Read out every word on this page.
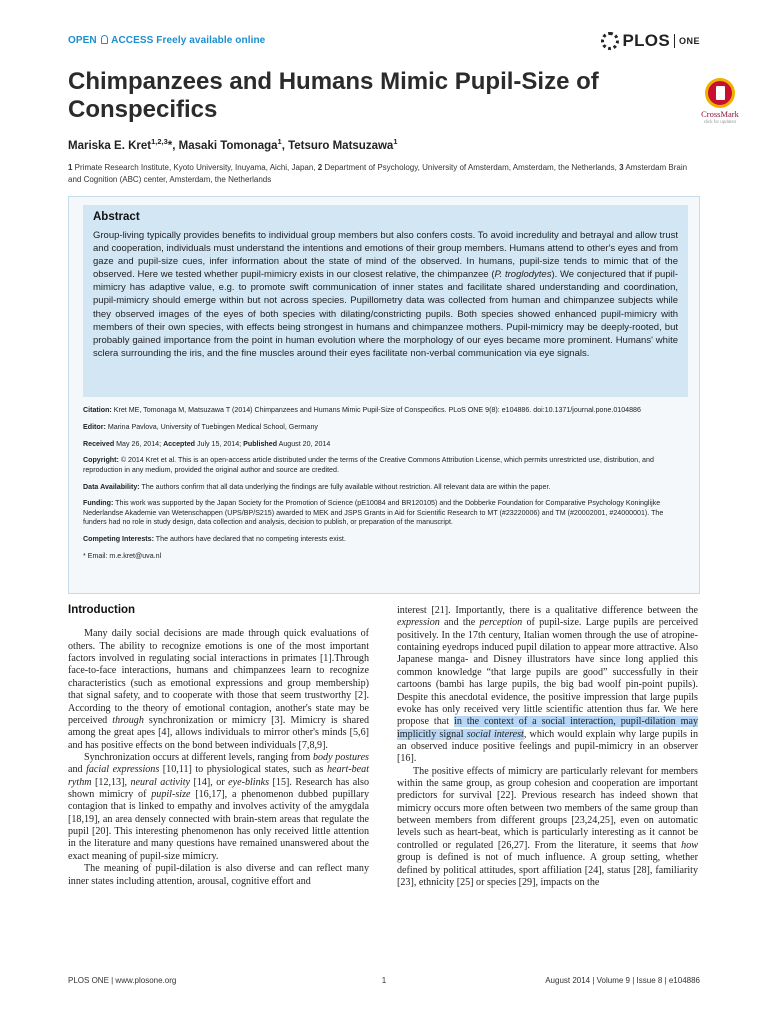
OPEN ACCESS Freely available online	PLOS ONE
CrossMark
click for updates
Chimpanzees and Humans Mimic Pupil-Size of Conspecifics
Mariska E. Kret$^{1,2,3}$*, Masaki Tomonaga$^1$, Tetsuro Matsuzawa$^1$
1 Primate Research Institute, Kyoto University, Inuyama, Aichi, Japan, 2 Department of Psychology, University of Amsterdam, Amsterdam, the Netherlands, 3 Amsterdam Brain and Cognition (ABC) center, Amsterdam, the Netherlands
Abstract

Group-living typically provides benefits to individual group members but also confers costs. To avoid incredulity and betrayal and allow trust and cooperation, individuals must understand the intentions and emotions of their group members. Humans attend to other's eyes and from gaze and pupil-size cues, infer information about the state of mind of the observed. In humans, pupil-size tends to mimic that of the observed. Here we tested whether pupil-mimicry exists in our closest relative, the chimpanzee (P. troglodytes). We conjectured that if pupil-mimicry has adaptive value, e.g. to promote swift communication of inner states and facilitate shared understanding and coordination, pupil-mimicry should emerge within but not across species. Pupillometry data was collected from human and chimpanzee subjects while they observed images of the eyes of both species with dilating/constricting pupils. Both species showed enhanced pupil-mimicry with members of their own species, with effects being strongest in humans and chimpanzee mothers. Pupil-mimicry may be deeply-rooted, but probably gained importance from the point in human evolution where the morphology of our eyes became more prominent. Humans' white sclera surrounding the iris, and the fine muscles around their eyes facilitate non-verbal communication via eye signals.

Citation: Kret ME, Tomonaga M, Matsuzawa T (2014) Chimpanzees and Humans Mimic Pupil-Size of Conspecifics. PLoS ONE 9(8): e104886. doi:10.1371/journal.pone.0104886

Editor: Marina Pavlova, University of Tuebingen Medical School, Germany

Received May 26, 2014; Accepted July 15, 2014; Published August 20, 2014

Copyright: © 2014 Kret et al. This is an open-access article distributed under the terms of the Creative Commons Attribution License, which permits unrestricted use, distribution, and reproduction in any medium, provided the original author and source are credited.

Data Availability: The authors confirm that all data underlying the findings are fully available without restriction. All relevant data are within the paper.

Funding: This work was supported by the Japan Society for the Promotion of Science (pE10084 and BR120105) and the Dobberke Foundation for Comparative Psychology Koninglijke Nederlandse Akademie van Wetenschappen (UPS/BP/S215) awarded to MEK and JSPS Grants in Aid for Scientific Research to MT (#23220006) and TM (#20002001, #24000001). The funders had no role in study design, data collection and analysis, decision to publish, or preparation of the manuscript.

Competing Interests: The authors have declared that no competing interests exist.

* Email: m.e.kret@uva.nl

Introduction

Many daily social decisions are made through quick evaluations of others. The ability to recognize emotions is one of the most important factors involved in regulating social interactions in primates [1].Through face-to-face interactions, humans and chimpanzees learn to recognize characteristics (such as emotional expressions and group membership) that signal safety, and to cooperate with those that seem trustworthy [2]. According to the theory of emotional contagion, another's state may be perceived through synchronization or mimicry [3]. Mimicry is shared among the great apes [4], allows individuals to mirror other's minds [5,6] and has positive effects on the bond between individuals [7,8,9].

Synchronization occurs at different levels, ranging from body postures and facial expressions [10,11] to physiological states, such as heart-beat rythm [12,13], neural activity [14], or eye-blinks [15]. Research has also shown mimicry of pupil-size [16,17], a phenomenon dubbed pupillary contagion that is linked to empathy and involves activity of the amygdala [18,19], an area densely connected with brain-stem areas that regulate the pupil [20]. This interesting phenomenon has only received little attention in the literature and many questions have remained unanswered about the exact meaning of pupil-size mimicry.

The meaning of pupil-dilation is also diverse and can reflect many inner states including attention, arousal, cognitive effort and

interest [21]. Importantly, there is a qualitative difference between the expression and the perception of pupil-size. Large pupils are perceived positively. In the 17th century, Italian women through the use of atropine-containing eyedrops induced pupil dilation to appear more attractive. Also Japanese manga- and Disney illustrators have since long applied this common knowledge “that large pupils are good” successfully in their cartoons (bambi has large pupils, the big bad woolf pin-point pupils). Despite this anecdotal evidence, the positive impression that large pupils evoke has only received very little scientific attention thus far. We here propose that in the context of a social interaction, pupil-dilation may implicitly signal social interest, which would explain why large pupils in an observed induce positive feelings and pupil-mimicry in an observer [16].

The positive effects of mimicry are particularly relevant for members within the same group, as group cohesion and cooperation are important predictors for survival [22]. Previous research has indeed shown that mimicry occurs more often between two members of the same group than between members from different groups [23,24,25], even on automatic levels such as heart-beat, which is particularly interesting as it cannot be controlled or regulated [26,27]. From the literature, it seems that how group is defined is not of much influence. A group setting, whether defined by political attitudes, sport affiliation [24], status [28], familiarity [23], ethnicity [25] or species [29], impacts on the

PLOS ONE | www.plosone.org	1	August 2014 | Volume 9 | Issue 8 | e104886
